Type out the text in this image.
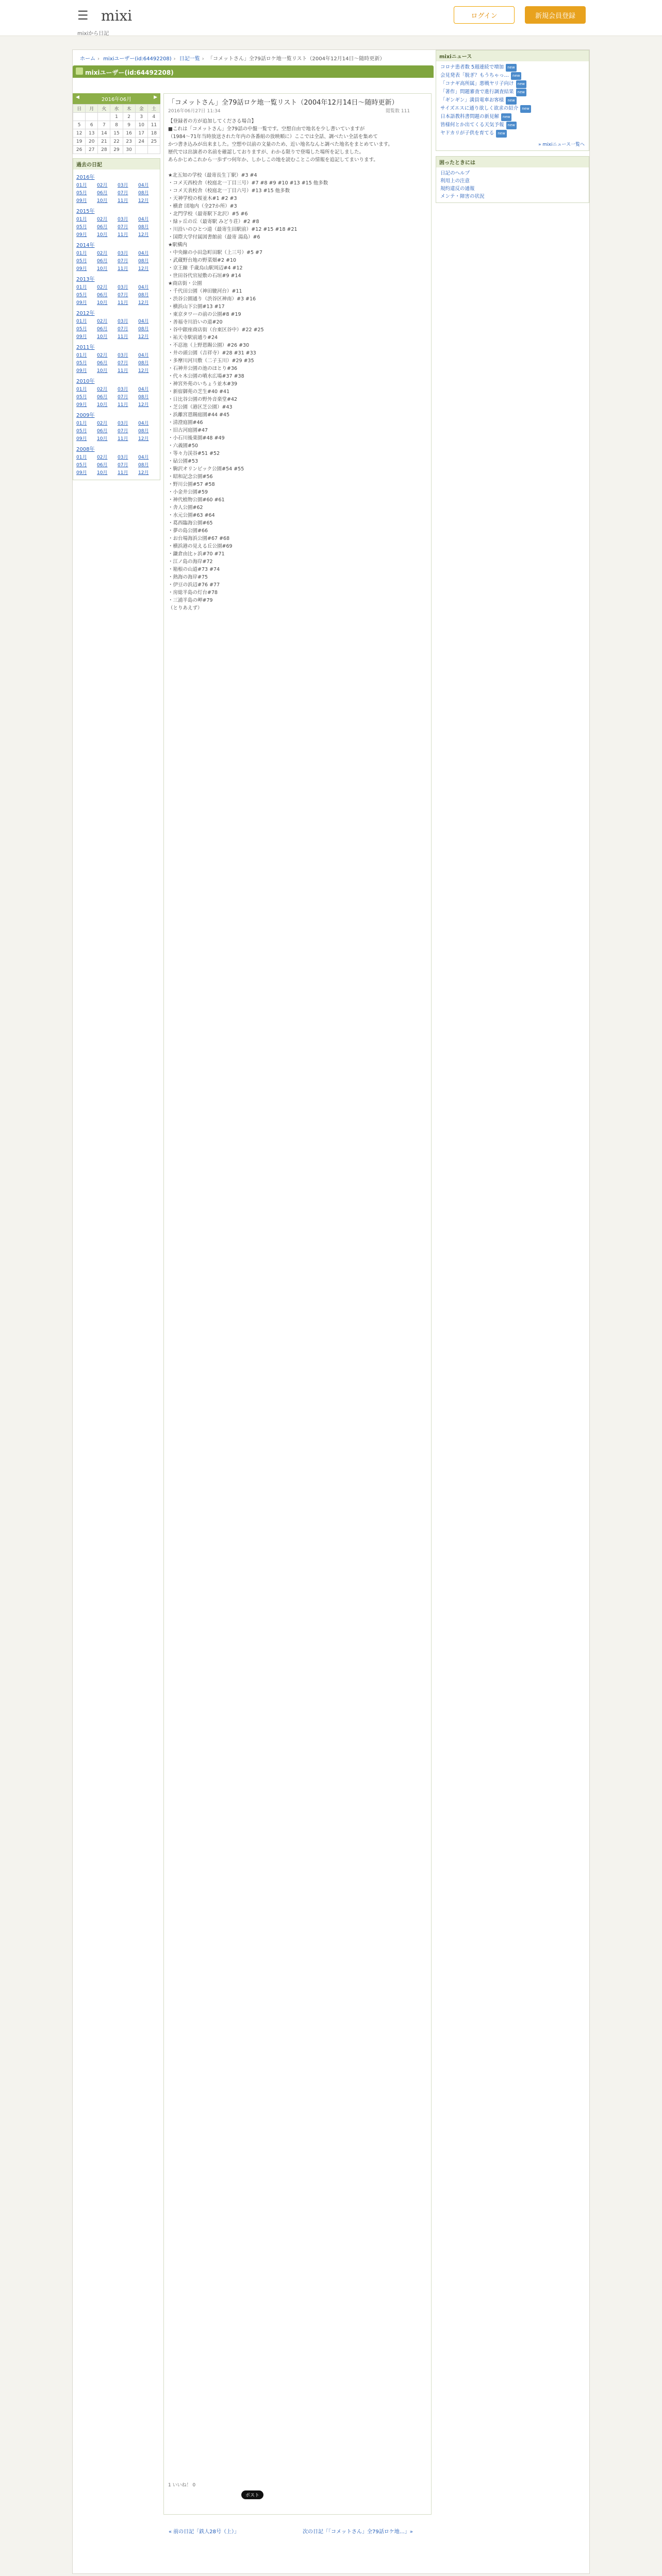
☰ mixi	ログイン	新規会員登録
mixiから日記
ホーム › mixiユーザー(id:64492208) › 日記一覧 › 「コメットさん」全79話ロケ地一覧リスト（2004年12月14日〜随時更新）
mixiユーザー(id:64492208)
◀	2016年06月	▶
日	月	火	水	木	金	土
			1	2	3	4
5	6	7	8	9	10	11
12	13	14	15	16	17	18
19	20	21	22	23	24	25
26	27	28	29	30		
過去の日記
2016年
01月	02月	03月	04月
05月	06月	07月	08月
09月	10月	11月	12月
2015年
01月	02月	03月	04月
05月	06月	07月	08月
09月	10月	11月	12月
2014年
01月	02月	03月	04月
05月	06月	07月	08月
09月	10月	11月	12月
2013年
01月	02月	03月	04月
05月	06月	07月	08月
09月	10月	11月	12月
2012年
01月	02月	03月	04月
05月	06月	07月	08月
09月	10月	11月	12月
2011年
01月	02月	03月	04月
05月	06月	07月	08月
09月	10月	11月	12月
2010年
01月	02月	03月	04月
05月	06月	07月	08月
09月	10月	11月	12月
2009年
01月	02月	03月	04月
05月	06月	07月	08月
09月	10月	11月	12月
2008年
01月	02月	03月	04月
05月	06月	07月	08月
09月	10月	11月	12月
「コメットさん」全79話ロケ地一覧リスト（2004年12月14日〜随時更新）
2016年06月27日 11:34	閲覧数 111

【登録者の方が追加してくださる場合】

■これは「コメットさん」全79話の中盤一覧です。空想自由で地名を少し書いていますが

（1984〜71年当時放送された年内の各番組の放映順に）ここでは全話、調べたい全話を集めて

かつ書き込みが出来ました。空想や以前の文量のため、近い地名なんと調べた地名をまとめています。

歴代では出演者の名前を確認しておりますが、わかる限りで登場した場所を記しました。

あらかじめこれから一歩ずつ何年か、しかしこの地を読むことこの情報を追記してまいります。

★北五知の学校（最寄長生丁駅）#3 #4

・コメ天西校舎（校庭北一丁目三号）#7 #8 #9 #10 #13 #15 他多数

・コメ天表校舎（校庭北一丁目六号）#13 #15 他多数

・天神学校の桜並木#1 #2 #3

・横倉 団地内（全27か所）#3

・北門学校（最寄駅下北沢）#5 #6

・緑ヶ丘の丘（最寄駅 みどり荘）#2 #8

・川沿いのひとつ道（最寄生田駅前）#12 #15 #18 #21

・国際大学付属図書館前（最寄 湯島）#6

★駅構内

・中央線の小田急町田駅（上三号）#5 #7

・武蔵野台地の野菜畑#2 #10

・京王線 千歳烏山駅周辺#4 #12

・世田谷代官屋敷の石垣#9 #14

★商店街・公園

・千代田公園（神田駿河台）#11

・渋谷公園通り（渋谷区神南）#3 #16

・横浜山下公園#13 #17

・東京タワーの前の公園#8 #19

・善福寺川沿いの道#20

・谷中銀座商店街（台東区谷中）#22 #25

・祐天寺駅前通り#24

・不忍池（上野恩賜公園）#26 #30

・井の頭公園（吉祥寺）#28 #31 #33

・多摩川河川敷（二子玉川）#29 #35

・石神井公園の池のほとり#36

・代々木公園の噴水広場#37 #38

・神宮外苑のいちょう並木#39

・新宿御苑の芝生#40 #41

・日比谷公園の野外音楽堂#42

・芝公園（港区芝公園）#43

・浜離宮恩賜庭園#44 #45

・清澄庭園#46

・旧古河庭園#47

・小石川後楽園#48 #49

・六義園#50

・等々力渓谷#51 #52

・砧公園#53

・駒沢オリンピック公園#54 #55

・昭和記念公園#56

・野川公園#57 #58

・小金井公園#59

・神代植物公園#60 #61

・舎人公園#62

・水元公園#63 #64

・葛西臨海公園#65

・夢の島公園#66

・お台場海浜公園#67 #68

・横浜港の見える丘公園#69

・鎌倉由比ヶ浜#70 #71

・江ノ島の海岸#72

・箱根の山道#73 #74

・熱海の海岸#75

・伊豆の浜辺#76 #77

・房総半島の灯台#78

・三浦半島の岬#79

（とりあえず）

1 いいね！ 0
ポスト
mixiニュース
コロナ患者数 5週連続で増加 new
会見発表「脱ぎ？もうちゃっ… new
「コナギ高所属」悪戦ヤリ子向け new
「著作」問題審査で進行調査結果 new
「ギンギン」満員電車お客様 new
サイズエスに通り欲しく欲求の紹介 new
日本語教科書問題の新見解 new
皆様何とか出てくる天気予報 new
ヤドカリが子供を育てる new
» mixiニュース一覧へ
困ったときには
日記のヘルプ
利用上の注意
規約違反の通報
メンテ・障害の状況
« 前の日記「鉄人28号（上）」	次の日記「「コメットさん」全79話ロケ地…」»
